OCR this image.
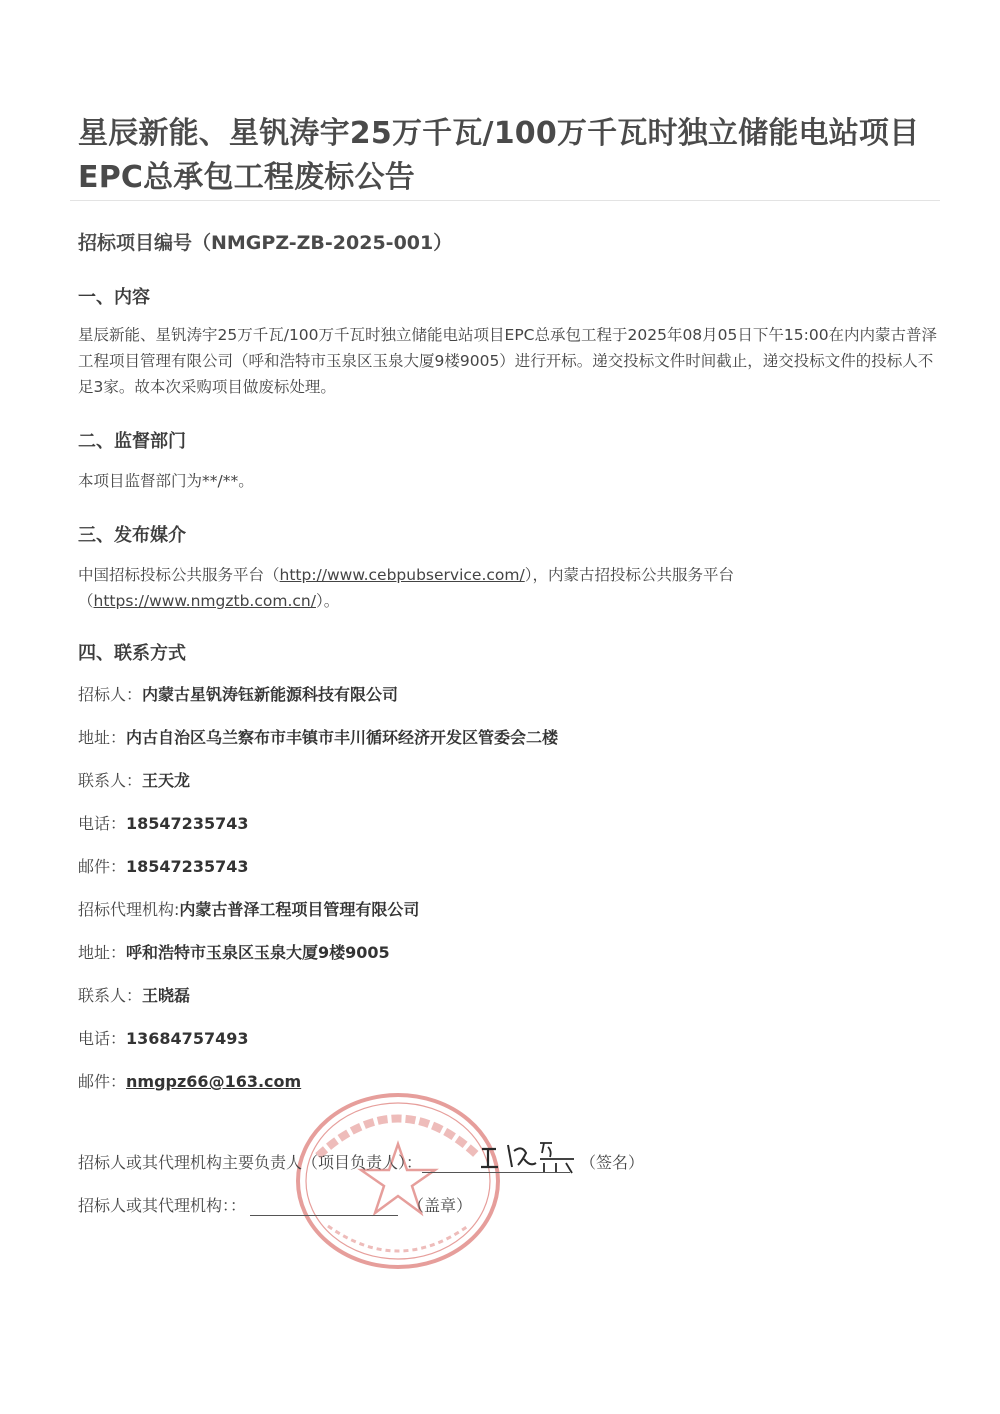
星辰新能、星钒涛宇25万千瓦/100万千瓦时独立储能电站项目
EPC总承包工程废标公告
招标项目编号（NMGPZ-ZB-2025-001）
一、内容
星辰新能、星钒涛宇25万千瓦/100万千瓦时独立储能电站项目EPC总承包工程于2025年08月05日下午15:00在内内蒙古普泽工程项目管理有限公司（呼和浩特市玉泉区玉泉大厦9楼9005）进行开标。递交投标文件时间截止，递交投标文件的投标人不足3家。故本次采购项目做废标处理。
二、监督部门
本项目监督部门为**/**。
三、发布媒介
中国招标投标公共服务平台（http://www.cebpubservice.com/），内蒙古招投标公共服务平台
（https://www.nmgztb.com.cn/）。
四、联系方式
招标人：内蒙古星钒涛钰新能源科技有限公司
地址：内古自治区乌兰察布市丰镇市丰川循环经济开发区管委会二楼
联系人：王天龙
电话：18547235743
邮件：18547235743
招标代理机构:内蒙古普泽工程项目管理有限公司
地址：呼和浩特市玉泉区玉泉大厦9楼9005
联系人：王晓磊
电话：13684757493
邮件：nmgpz66@163.com
招标人或其代理机构主要负责人（项目负责人）：	（签名）
招标人或其代理机构：：	（盖章）
